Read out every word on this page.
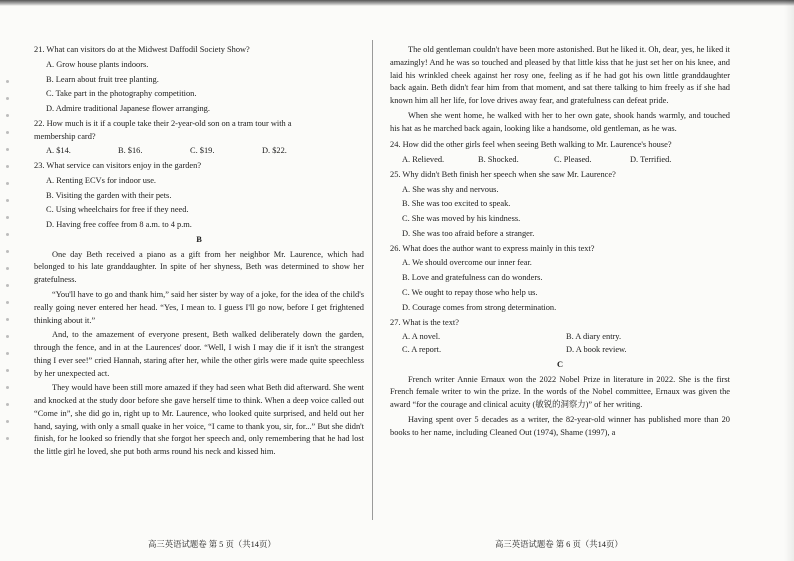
21. What can visitors do at the Midwest Daffodil Society Show?
A. Grow house plants indoors.
B. Learn about fruit tree planting.
C. Take part in the photography competition.
D. Admire traditional Japanese flower arranging.
22. How much is it if a couple take their 2-year-old son on a tram tour with a
membership card?
A. $14.	B. $16.	C. $19.	D. $22.
23. What service can visitors enjoy in the garden?
A. Renting ECVs for indoor use.
B. Visiting the garden with their pets.
C. Using wheelchairs for free if they need.
D. Having free coffee from 8 a.m. to 4 p.m.
B

One day Beth received a piano as a gift from her neighbor Mr. Laurence, which had belonged to his late granddaughter. In spite of her shyness, Beth was determined to show her gratefulness.

“You'll have to go and thank him,” said her sister by way of a joke, for the idea of the child's really going never entered her head. “Yes, I mean to. I guess I'll go now, before I get frightened thinking about it.”

And, to the amazement of everyone present, Beth walked deliberately down the garden, through the fence, and in at the Laurences' door. “Well, I wish I may die if it isn't the strangest thing I ever see!” cried Hannah, staring after her, while the other girls were made quite speechless by her unexpected act.

They would have been still more amazed if they had seen what Beth did afterward. She went and knocked at the study door before she gave herself time to think. When a deep voice called out “Come in”, she did go in, right up to Mr. Laurence, who looked quite surprised, and held out her hand, saying, with only a small quake in her voice, “I came to thank you, sir, for...” But she didn't finish, for he looked so friendly that she forgot her speech and, only remembering that he had lost the little girl he loved, she put both arms round his neck and kissed him.

The old gentleman couldn't have been more astonished. But he liked it. Oh, dear, yes, he liked it amazingly! And he was so touched and pleased by that little kiss that he just set her on his knee, and laid his wrinkled cheek against her rosy one, feeling as if he had got his own little granddaughter back again. Beth didn't fear him from that moment, and sat there talking to him freely as if she had known him all her life, for love drives away fear, and gratefulness can defeat pride.

When she went home, he walked with her to her own gate, shook hands warmly, and touched his hat as he marched back again, looking like a handsome, old gentleman, as he was.

24. How did the other girls feel when seeing Beth walking to Mr. Laurence's house?
A. Relieved.	B. Shocked.	C. Pleased.	D. Terrified.
25. Why didn't Beth finish her speech when she saw Mr. Laurence?
A. She was shy and nervous.
B. She was too excited to speak.
C. She was moved by his kindness.
D. She was too afraid before a stranger.
26. What does the author want to express mainly in this text?
A. We should overcome our inner fear.
B. Love and gratefulness can do wonders.
C. We ought to repay those who help us.
D. Courage comes from strong determination.
27. What is the text?
A. A novel.	B. A diary entry.
C. A report.	D. A book review.
C

French writer Annie Ernaux won the 2022 Nobel Prize in literature in 2022. She is the first French female writer to win the prize. In the words of the Nobel committee, Ernaux was given the award “for the courage and clinical acuity (敏锐的洞察力)” of her writing.

Having spent over 5 decades as a writer, the 82-year-old winner has published more than 20 books to her name, including Cleaned Out (1974), Shame (1997), a

高三英语试题卷 第 5 页（共14页）	高三英语试题卷 第 6 页（共14页）
